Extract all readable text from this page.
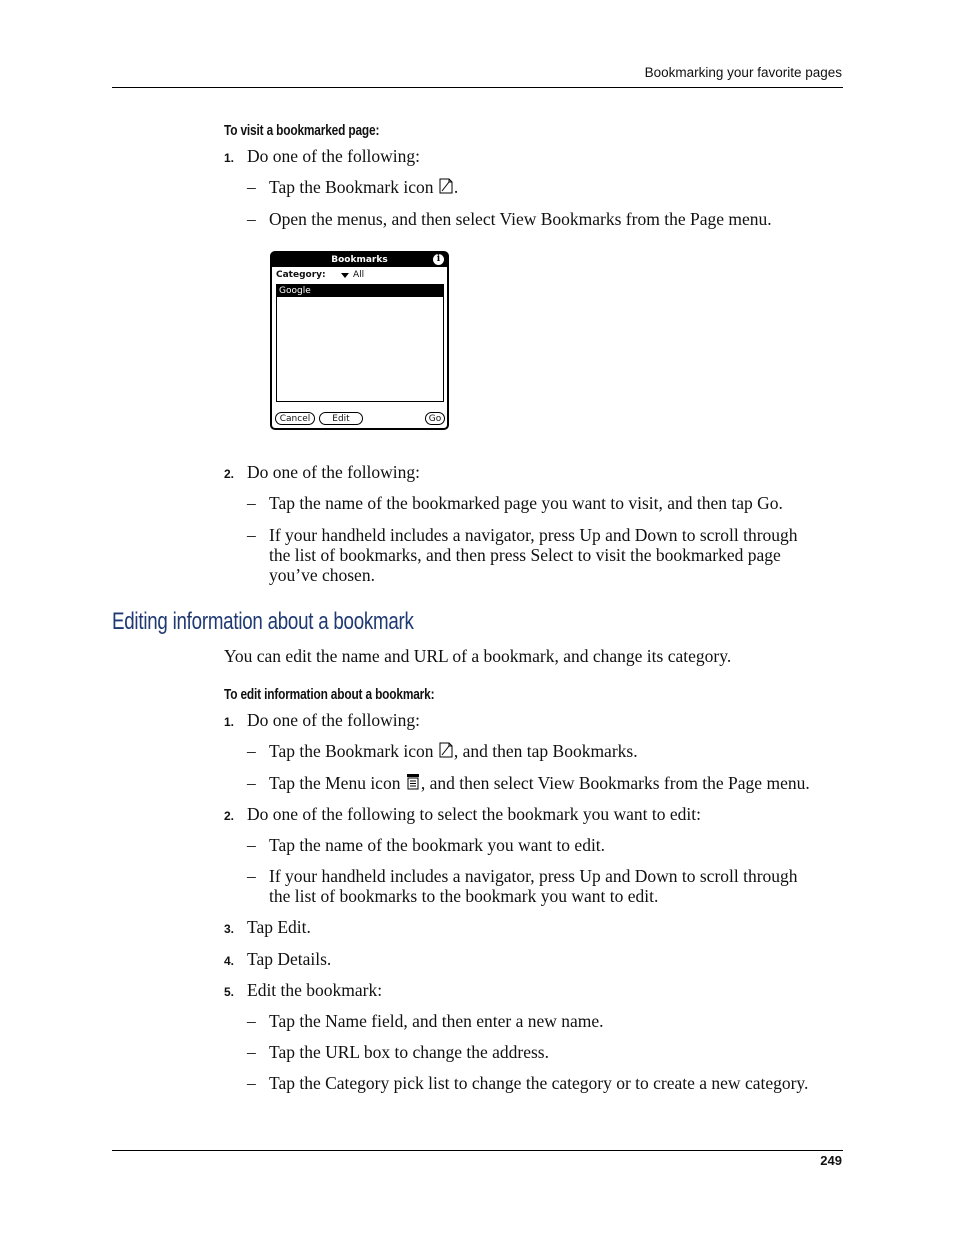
Bookmarking your favorite pages
To visit a bookmarked page:
1. Do one of the following:
– Tap the Bookmark icon .
– Open the menus, and then select View Bookmarks from the Page menu.
Bookmarks	i
Category:	All
Google
Cancel	Edit	Go
2. Do one of the following:
– Tap the name of the bookmarked page you want to visit, and then tap Go.
– If your handheld includes a navigator, press Up and Down to scroll through
the list of bookmarks, and then press Select to visit the bookmarked page
you’ve chosen.
Editing information about a bookmark
You can edit the name and URL of a bookmark, and change its category.
To edit information about a bookmark:
1. Do one of the following:
– Tap the Bookmark icon , and then tap Bookmarks.
– Tap the Menu icon , and then select View Bookmarks from the Page menu.
2. Do one of the following to select the bookmark you want to edit:
– Tap the name of the bookmark you want to edit.
– If your handheld includes a navigator, press Up and Down to scroll through
the list of bookmarks to the bookmark you want to edit.
3. Tap Edit.
4. Tap Details.
5. Edit the bookmark:
– Tap the Name field, and then enter a new name.
– Tap the URL box to change the address.
– Tap the Category pick list to change the category or to create a new category.
249
